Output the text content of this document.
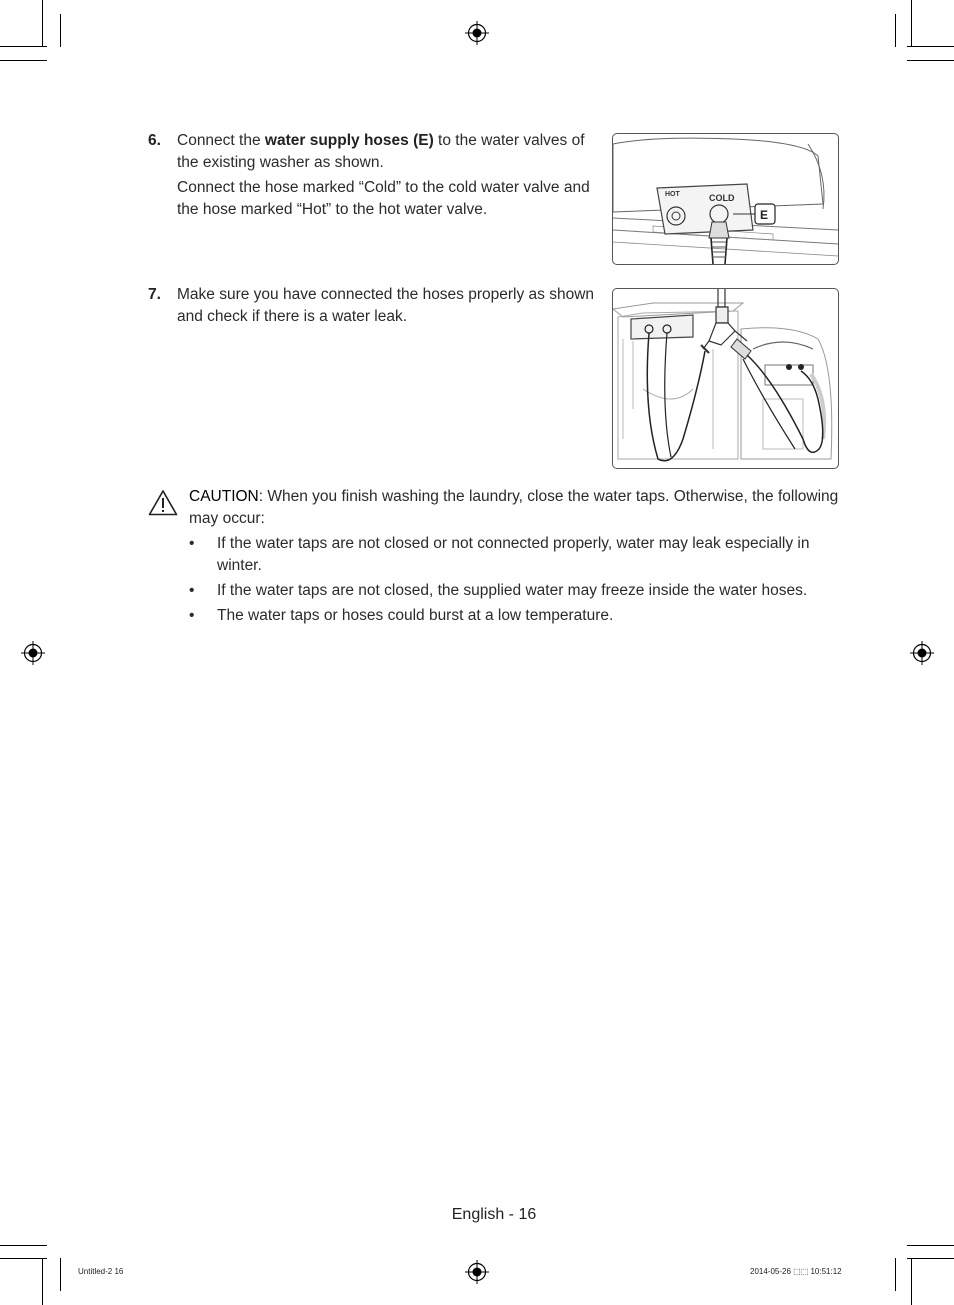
6. Connect the water supply hoses (E) to the water valves of the existing washer as shown.

Connect the hose marked “Cold” to the cold water valve and the hose marked “Hot” to the hot water valve.

HOT	COLD
E
7. Make sure you have connected the hoses properly as shown and check if there is a water leak.

CAUTION: When you finish washing the laundry, close the water taps. Otherwise, the following may occur:

• If the water taps are not closed or not connected properly, water may leak especially in winter.
• If the water taps are not closed, the supplied water may freeze inside the water hoses.
• The water taps or hoses could burst at a low temperature.
English - 16
Untitled-2 16	2014-05-26 ⬚⬚ 10:51:12
